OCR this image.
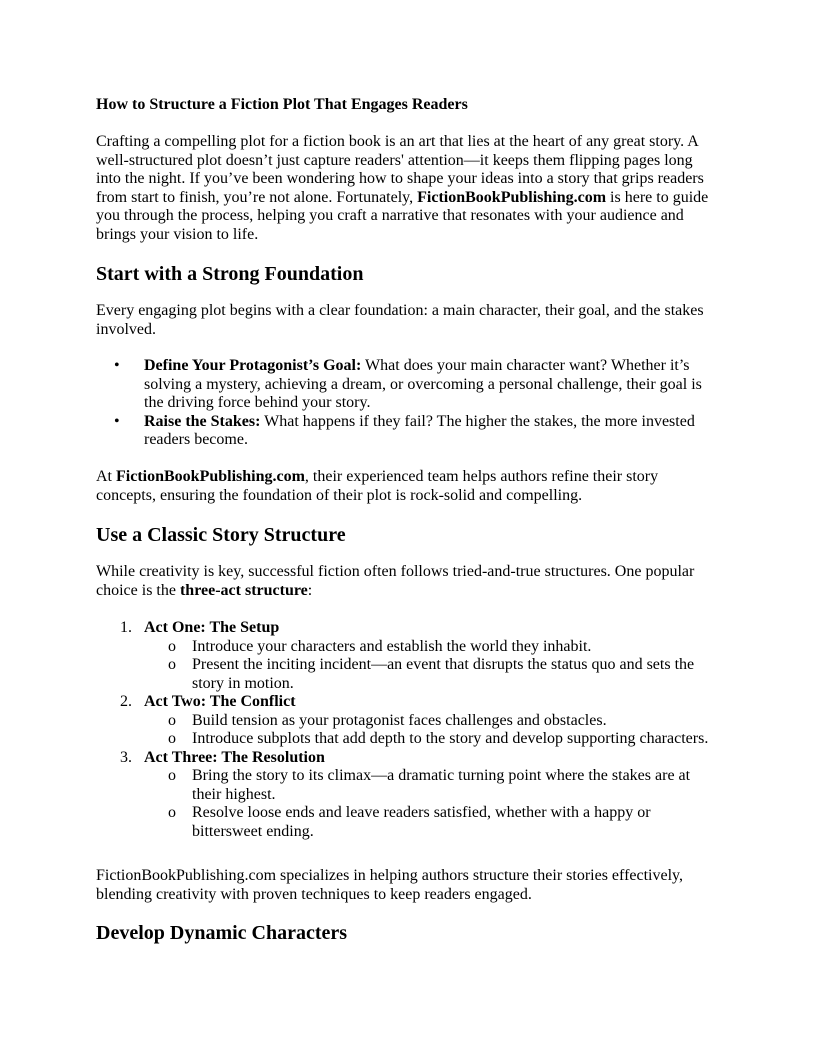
How to Structure a Fiction Plot That Engages Readers

Crafting a compelling plot for a fiction book is an art that lies at the heart of any great story. A well-structured plot doesn’t just capture readers' attention—it keeps them flipping pages long into the night. If you’ve been wondering how to shape your ideas into a story that grips readers from start to finish, you’re not alone. Fortunately, FictionBookPublishing.com is here to guide you through the process, helping you craft a narrative that resonates with your audience and brings your vision to life.

Start with a Strong Foundation

Every engaging plot begins with a clear foundation: a main character, their goal, and the stakes involved.

• Define Your Protagonist’s Goal: What does your main character want? Whether it’s solving a mystery, achieving a dream, or overcoming a personal challenge, their goal is the driving force behind your story.
• Raise the Stakes: What happens if they fail? The higher the stakes, the more invested readers become.

At FictionBookPublishing.com, their experienced team helps authors refine their story concepts, ensuring the foundation of their plot is rock-solid and compelling.

Use a Classic Story Structure

While creativity is key, successful fiction often follows tried-and-true structures. One popular choice is the three-act structure:

1. Act One: The Setup
o Introduce your characters and establish the world they inhabit.
o Present the inciting incident—an event that disrupts the status quo and sets the story in motion.
2. Act Two: The Conflict
o Build tension as your protagonist faces challenges and obstacles.
o Introduce subplots that add depth to the story and develop supporting characters.
3. Act Three: The Resolution
o Bring the story to its climax—a dramatic turning point where the stakes are at their highest.
o Resolve loose ends and leave readers satisfied, whether with a happy or bittersweet ending.

FictionBookPublishing.com specializes in helping authors structure their stories effectively, blending creativity with proven techniques to keep readers engaged.

Develop Dynamic Characters
